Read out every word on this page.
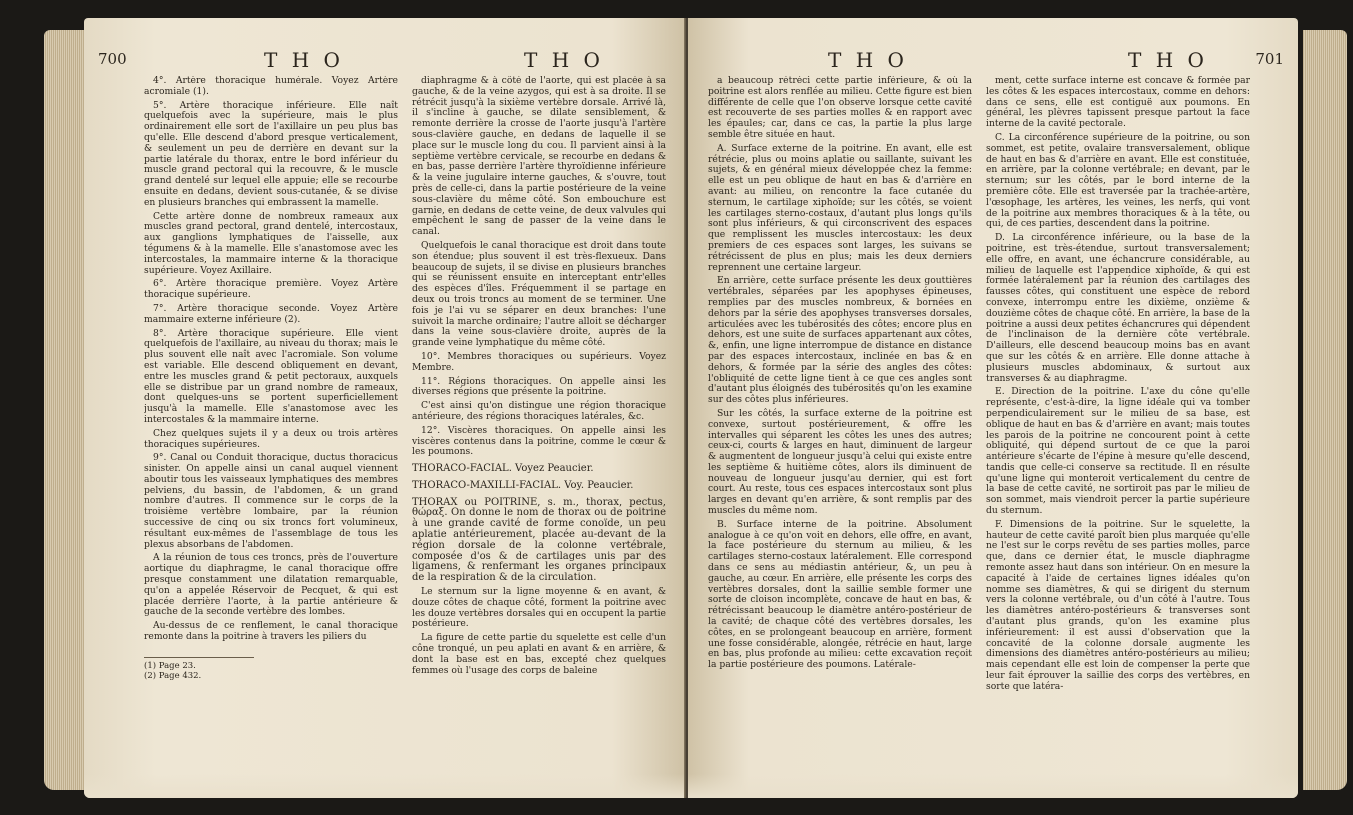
700	T H O	T H O

4°. Artère thoracique humérale. Voyez Artère acromiale (1).

5°. Artère thoracique inférieure. Elle naît quelquefois avec la supérieure, mais le plus ordinairement elle sort de l'axillaire un peu plus bas qu'elle. Elle descend d'abord presque verticalement, & seulement un peu de derrière en devant sur la partie latérale du thorax, entre le bord inférieur du muscle grand pectoral qui la recouvre, & le muscle grand dentelé sur lequel elle appuie; elle se recourbe ensuite en dedans, devient sous-cutanée, & se divise en plusieurs branches qui embrassent la mamelle.

Cette artère donne de nombreux rameaux aux muscles grand pectoral, grand dentelé, intercostaux, aux ganglions lymphatiques de l'aisselle, aux tégumens & à la mamelle. Elle s'anastomose avec les intercostales, la mammaire interne & la thoracique supérieure. Voyez Axillaire.

6°. Artère thoracique première. Voyez Artère thoracique supérieure.

7°. Artère thoracique seconde. Voyez Artère mammaire externe inférieure (2).

8°. Artère thoracique supérieure. Elle vient quelquefois de l'axillaire, au niveau du thorax; mais le plus souvent elle naît avec l'acromiale. Son volume est variable. Elle descend obliquement en devant, entre les muscles grand & petit pectoraux, auxquels elle se distribue par un grand nombre de rameaux, dont quelques-uns se portent superficiellement jusqu'à la mamelle. Elle s'anastomose avec les intercostales & la mammaire interne.

Chez quelques sujets il y a deux ou trois artères thoraciques supérieures.

9°. Canal ou Conduit thoracique, ductus thoracicus sinister. On appelle ainsi un canal auquel viennent aboutir tous les vaisseaux lymphatiques des membres pelviens, du bassin, de l'abdomen, & un grand nombre d'autres. Il commence sur le corps de la troisième vertèbre lombaire, par la réunion successive de cinq ou six troncs fort volumineux, résultant eux-mêmes de l'assemblage de tous les plexus absorbans de l'abdomen.

A la réunion de tous ces troncs, près de l'ouverture aortique du diaphragme, le canal thoracique offre presque constamment une dilatation remarquable, qu'on a appelée Réservoir de Pecquet, & qui est placée derrière l'aorte, à la partie antérieure & gauche de la seconde vertèbre des lombes.

Au-dessus de ce renflement, le canal thoracique remonte dans la poitrine à travers les piliers du

(1) Page 23.
(2) Page 432.

diaphragme & à côté de l'aorte, qui est placée à sa gauche, & de la veine azygos, qui est à sa droite. Il se rétrécit jusqu'à la sixième vertèbre dorsale. Arrivé là, il s'incline à gauche, se dilate sensiblement, & remonte derrière la crosse de l'aorte jusqu'à l'artère sous-clavière gauche, en dedans de laquelle il se place sur le muscle long du cou. Il parvient ainsi à la septième vertèbre cervicale, se recourbe en dedans & en bas, passe derrière l'artère thyroïdienne inférieure & la veine jugulaire interne gauches, & s'ouvre, tout près de celle-ci, dans la partie postérieure de la veine sous-clavière du même côté. Son embouchure est garnie, en dedans de cette veine, de deux valvules qui empêchent le sang de passer de la veine dans le canal.

Quelquefois le canal thoracique est droit dans toute son étendue; plus souvent il est très-flexueux. Dans beaucoup de sujets, il se divise en plusieurs branches qui se réunissent ensuite en interceptant entr'elles des espèces d'îles. Fréquemment il se partage en deux ou trois troncs au moment de se terminer. Une fois je l'ai vu se séparer en deux branches: l'une suivoit la marche ordinaire; l'autre alloit se décharger dans la veine sous-clavière droite, auprès de la grande veine lymphatique du même côté.

10°. Membres thoraciques ou supérieurs. Voyez Membre.

11°. Régions thoraciques. On appelle ainsi les diverses régions que présente la poitrine.

C'est ainsi qu'on distingue une région thoracique antérieure, des régions thoraciques latérales, &c.

12°. Viscères thoraciques. On appelle ainsi les viscères contenus dans la poitrine, comme le cœur & les poumons.

THORACO-FACIAL. Voyez Peaucier.

THORACO-MAXILLI-FACIAL. Voy. Peaucier.

THORAX ou POITRINE, s. m., thorax, pectus, θώραξ. On donne le nom de thorax ou de poitrine à une grande cavité de forme conoïde, un peu aplatie antérieurement, placée au-devant de la région dorsale de la colonne vertébrale, composée d'os & de cartilages unis par des ligamens, & renfermant les organes principaux de la respiration & de la circulation.

Le sternum sur la ligne moyenne & en avant, & douze côtes de chaque côté, forment la poitrine avec les douze vertèbres dorsales qui en occupent la partie postérieure.

La figure de cette partie du squelette est celle d'un cône tronqué, un peu aplati en avant & en arrière, & dont la base est en bas, excepté chez quelques femmes où l'usage des corps de baleine

T H O	T H O	701

a beaucoup rétréci cette partie inférieure, & où la poitrine est alors renflée au milieu. Cette figure est bien différente de celle que l'on observe lorsque cette cavité est recouverte de ses parties molles & en rapport avec les épaules; car, dans ce cas, la partie la plus large semble être située en haut.

A. Surface externe de la poitrine. En avant, elle est rétrécie, plus ou moins aplatie ou saillante, suivant les sujets, & en général mieux développée chez la femme: elle est un peu oblique de haut en bas & d'arrière en avant: au milieu, on rencontre la face cutanée du sternum, le cartilage xiphoïde; sur les côtés, se voient les cartilages sterno-costaux, d'autant plus longs qu'ils sont plus inférieurs, & qui circonscrivent des espaces que remplissent les muscles intercostaux: les deux premiers de ces espaces sont larges, les suivans se rétrécissent de plus en plus; mais les deux derniers reprennent une certaine largeur.

En arrière, cette surface présente les deux gouttières vertébrales, séparées par les apophyses épineuses, remplies par des muscles nombreux, & bornées en dehors par la série des apophyses transverses dorsales, articulées avec les tubérosités des côtes; encore plus en dehors, est une suite de surfaces appartenant aux côtes, &, enfin, une ligne interrompue de distance en distance par des espaces intercostaux, inclinée en bas & en dehors, & formée par la série des angles des côtes: l'obliquité de cette ligne tient à ce que ces angles sont d'autant plus éloignés des tubérosités qu'on les examine sur des côtes plus inférieures.

Sur les côtés, la surface externe de la poitrine est convexe, surtout postérieurement, & offre les intervalles qui séparent les côtes les unes des autres; ceux-ci, courts & larges en haut, diminuent de largeur & augmentent de longueur jusqu'à celui qui existe entre les septième & huitième côtes, alors ils diminuent de nouveau de longueur jusqu'au dernier, qui est fort court. Au reste, tous ces espaces intercostaux sont plus larges en devant qu'en arrière, & sont remplis par des muscles du même nom.

B. Surface interne de la poitrine. Absolument analogue à ce qu'on voit en dehors, elle offre, en avant, la face postérieure du sternum au milieu, & les cartilages sterno-costaux latéralement. Elle correspond dans ce sens au médiastin antérieur, &, un peu à gauche, au cœur. En arrière, elle présente les corps des vertèbres dorsales, dont la saillie semble former une sorte de cloison incomplète, concave de haut en bas, & rétrécissant beaucoup le diamètre antéro-postérieur de la cavité; de chaque côté des vertèbres dorsales, les côtes, en se prolongeant beaucoup en arrière, forment une fosse considérable, alongée, rétrécie en haut, large en bas, plus profonde au milieu: cette excavation reçoit la partie postérieure des poumons. Latérale-

ment, cette surface interne est concave & formée par les côtes & les espaces intercostaux, comme en dehors: dans ce sens, elle est contiguë aux poumons. En général, les plèvres tapissent presque partout la face interne de la cavité pectorale.

C. La circonférence supérieure de la poitrine, ou son sommet, est petite, ovalaire transversalement, oblique de haut en bas & d'arrière en avant. Elle est constituée, en arrière, par la colonne vertébrale; en devant, par le sternum; sur les côtés, par le bord interne de la première côte. Elle est traversée par la trachée-artère, l'œsophage, les artères, les veines, les nerfs, qui vont de la poitrine aux membres thoraciques & à la tête, ou qui, de ces parties, descendent dans la poitrine.

D. La circonférence inférieure, ou la base de la poitrine, est très-étendue, surtout transversalement; elle offre, en avant, une échancrure considérable, au milieu de laquelle est l'appendice xiphoïde, & qui est formée latéralement par la réunion des cartilages des fausses côtes, qui constituent une espèce de rebord convexe, interrompu entre les dixième, onzième & douzième côtes de chaque côté. En arrière, la base de la poitrine a aussi deux petites échancrures qui dépendent de l'inclinaison de la dernière côte vertébrale. D'ailleurs, elle descend beaucoup moins bas en avant que sur les côtés & en arrière. Elle donne attache à plusieurs muscles abdominaux, & surtout aux transverses & au diaphragme.

E. Direction de la poitrine. L'axe du cône qu'elle représente, c'est-à-dire, la ligne idéale qui va tomber perpendiculairement sur le milieu de sa base, est oblique de haut en bas & d'arrière en avant; mais toutes les parois de la poitrine ne concourent point à cette obliquité, qui dépend surtout de ce que la paroi antérieure s'écarte de l'épine à mesure qu'elle descend, tandis que celle-ci conserve sa rectitude. Il en résulte qu'une ligne qui monteroit verticalement du centre de la base de cette cavité, ne sortiroit pas par le milieu de son sommet, mais viendroit percer la partie supérieure du sternum.

F. Dimensions de la poitrine. Sur le squelette, la hauteur de cette cavité paroît bien plus marquée qu'elle ne l'est sur le corps revêtu de ses parties molles, parce que, dans ce dernier état, le muscle diaphragme remonte assez haut dans son intérieur. On en mesure la capacité à l'aide de certaines lignes idéales qu'on nomme ses diamètres, & qui se dirigent du sternum vers la colonne vertébrale, ou d'un côté à l'autre. Tous les diamètres antéro-postérieurs & transverses sont d'autant plus grands, qu'on les examine plus inférieurement: il est aussi d'observation que la concavité de la colonne dorsale augmente les dimensions des diamètres antéro-postérieurs au milieu; mais cependant elle est loin de compenser la perte que leur fait éprouver la saillie des corps des vertèbres, en sorte que latéra-
